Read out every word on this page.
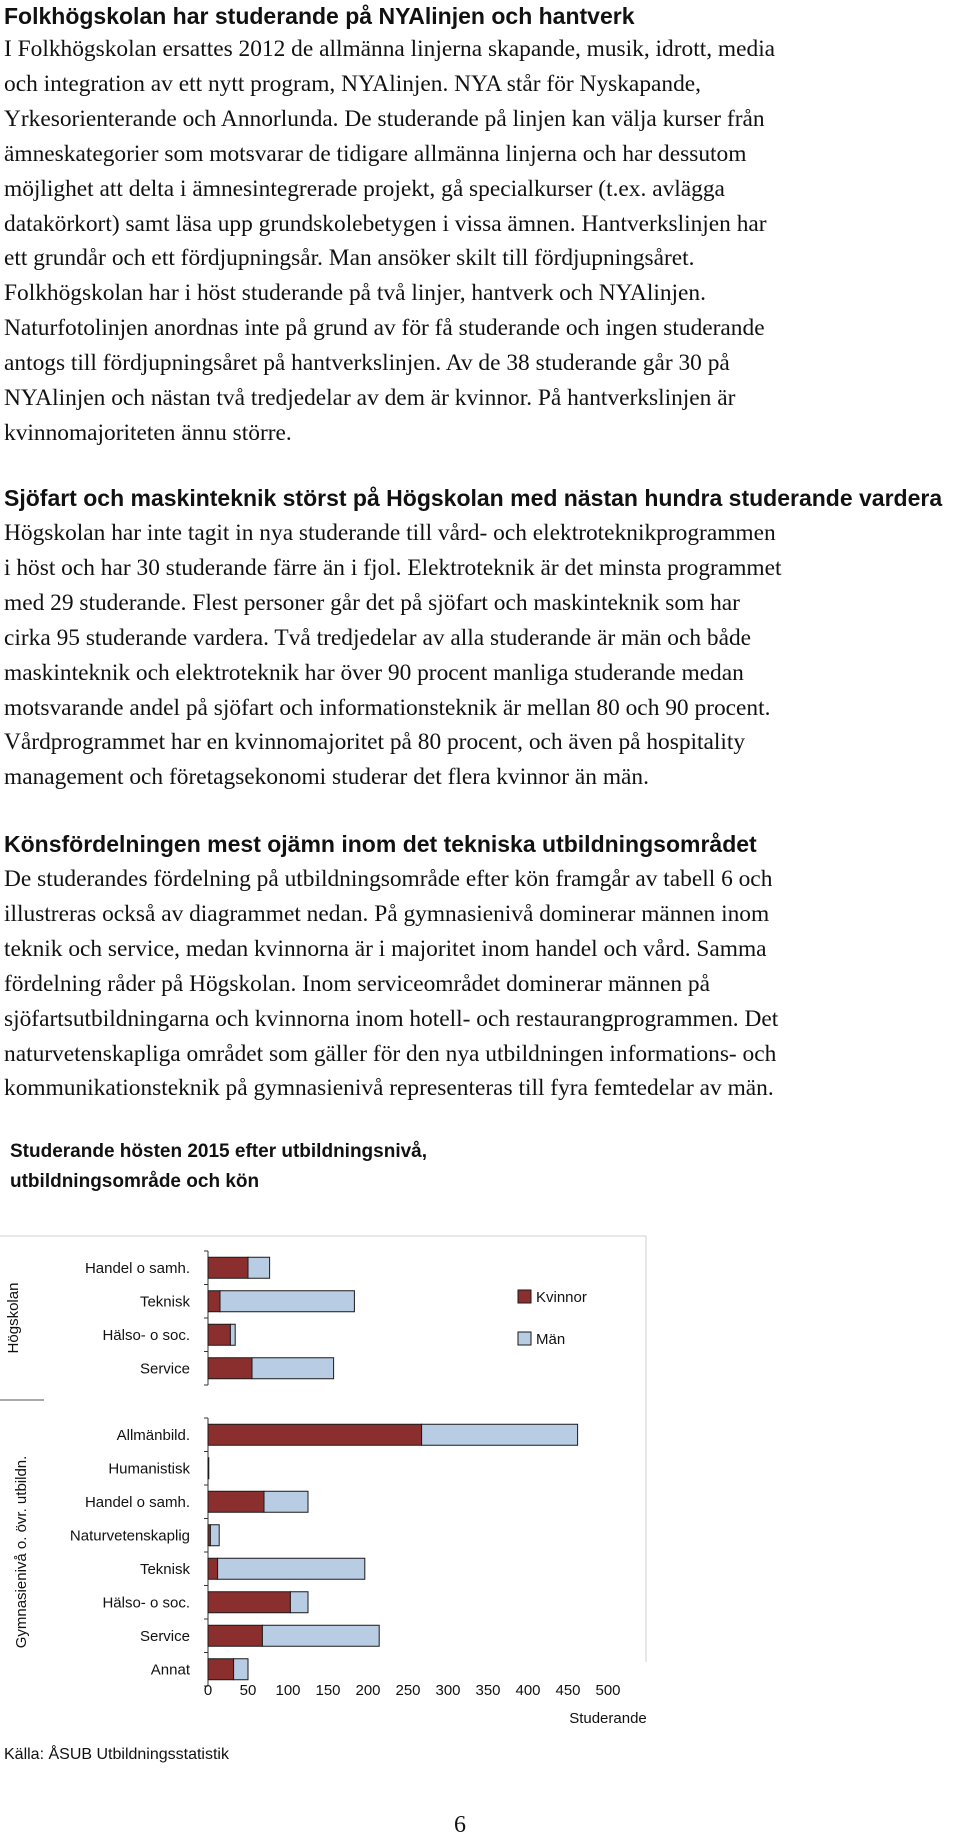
Folkhögskolan har studerande på NYAlinjen och hantverk
I Folkhögskolan ersattes 2012 de allmänna linjerna skapande, musik, idrott, media
och integration av ett nytt program, NYAlinjen. NYA står för Nyskapande,
Yrkesorienterande och Annorlunda. De studerande på linjen kan välja kurser från
ämneskategorier som motsvarar de tidigare allmänna linjerna och har dessutom
möjlighet att delta i ämnesintegrerade projekt, gå specialkurser (t.ex. avlägga
datakörkort) samt läsa upp grundskolebetygen i vissa ämnen. Hantverkslinjen har
ett grundår och ett fördjupningsår. Man ansöker skilt till fördjupningsåret.
Folkhögskolan har i höst studerande på två linjer, hantverk och NYAlinjen.
Naturfotolinjen anordnas inte på grund av för få studerande och ingen studerande
antogs till fördjupningsåret på hantverkslinjen. Av de 38 studerande går 30 på
NYAlinjen och nästan två tredjedelar av dem är kvinnor. På hantverkslinjen är
kvinnomajoriteten ännu större.
Sjöfart och maskinteknik störst på Högskolan med nästan hundra studerande vardera
Högskolan har inte tagit in nya studerande till vård- och elektroteknikprogrammen
i höst och har 30 studerande färre än i fjol. Elektroteknik är det minsta programmet
med 29 studerande. Flest personer går det på sjöfart och maskinteknik som har
cirka 95 studerande vardera. Två tredjedelar av alla studerande är män och både
maskinteknik och elektroteknik har över 90 procent manliga studerande medan
motsvarande andel på sjöfart och informationsteknik är mellan 80 och 90 procent.
Vårdprogrammet har en kvinnomajoritet på 80 procent, och även på hospitality
management och företagsekonomi studerar det flera kvinnor än män.
Könsfördelningen mest ojämn inom det tekniska utbildningsområdet
De studerandes fördelning på utbildningsområde efter kön framgår av tabell 6 och
illustreras också av diagrammet nedan. På gymnasienivå dominerar männen inom
teknik och service, medan kvinnorna är i majoritet inom handel och vård. Samma
fördelning råder på Högskolan. Inom serviceområdet dominerar männen på
sjöfartsutbildningarna och kvinnorna inom hotell- och restaurangprogrammen. Det
naturvetenskapliga området som gäller för den nya utbildningen informations- och
kommunikationsteknik på gymnasienivå representeras till fyra femtedelar av män.
Studerande hösten 2015 efter utbildningsnivå,
utbildningsområde och kön
Högskolan
Handel o samh.
Teknisk
Hälso- o soc.
Service
Gymnasienivå o. övr. utbildn.
Allmänbild.
Humanistisk
Handel o samh.
Naturvetenskaplig
Teknisk
Hälso- o soc.
Service
Annat
0 50 100 150 200 250 300 350 400 450 500
Studerande
Kvinnor
Män

Källa: ÅSUB Utbildningsstatistik

6
